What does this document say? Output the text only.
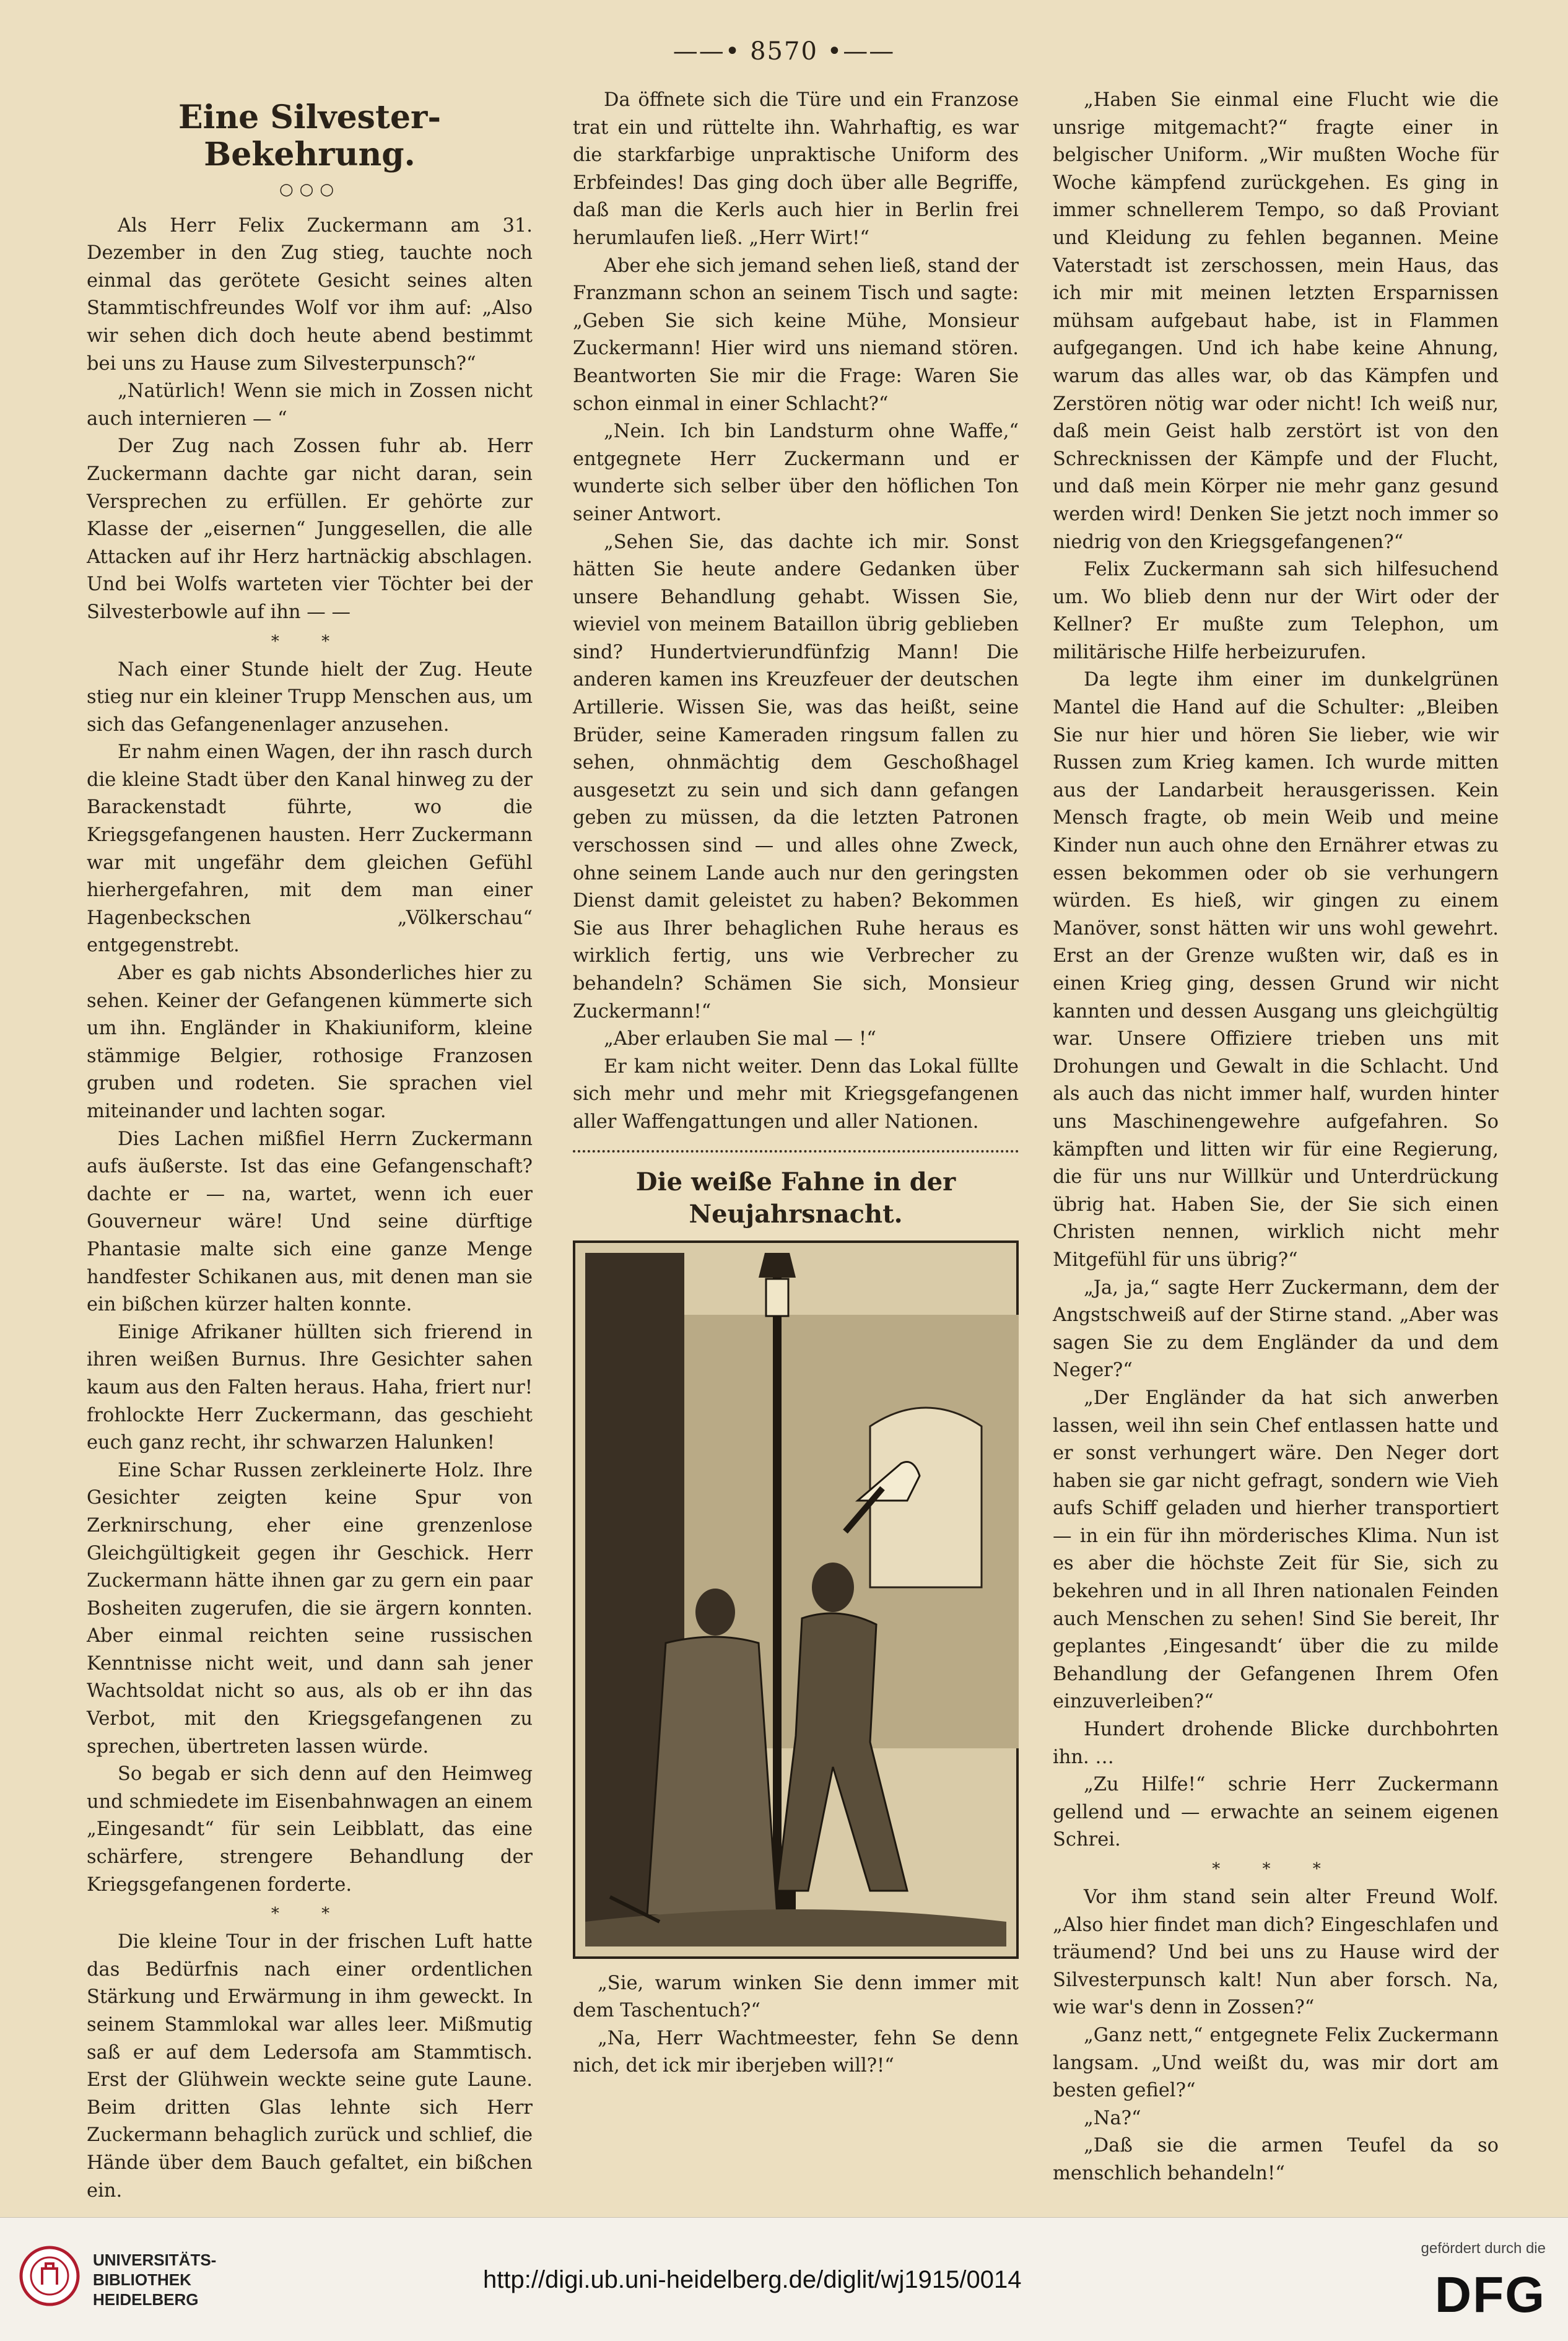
——• 8570 •——
Eine Silvester-Bekehrung.
○○○

Als Herr Felix Zuckermann am 31. Dezember in den Zug stieg, tauchte noch einmal das gerötete Gesicht seines alten Stammtischfreundes Wolf vor ihm auf: „Also wir sehen dich doch heute abend bestimmt bei uns zu Hause zum Silvesterpunsch?“

„Natürlich! Wenn sie mich in Zossen nicht auch internieren — “

Der Zug nach Zossen fuhr ab. Herr Zuckermann dachte gar nicht daran, sein Versprechen zu erfüllen. Er gehörte zur Klasse der „eisernen“ Junggesellen, die alle Attacken auf ihr Herz hartnäckig abschlagen. Und bei Wolfs warteten vier Töchter bei der Silvesterbowle auf ihn — —

* *

Nach einer Stunde hielt der Zug. Heute stieg nur ein kleiner Trupp Menschen aus, um sich das Gefangenenlager anzusehen.

Er nahm einen Wagen, der ihn rasch durch die kleine Stadt über den Kanal hinweg zu der Barackenstadt führte, wo die Kriegsgefangenen hausten. Herr Zuckermann war mit ungefähr dem gleichen Gefühl hierhergefahren, mit dem man einer Hagenbeckschen „Völkerschau“ entgegenstrebt.

Aber es gab nichts Absonderliches hier zu sehen. Keiner der Gefangenen kümmerte sich um ihn. Engländer in Khakiuniform, kleine stämmige Belgier, rothosige Franzosen gruben und rodeten. Sie sprachen viel miteinander und lachten sogar.

Dies Lachen mißfiel Herrn Zuckermann aufs äußerste. Ist das eine Gefangenschaft? dachte er — na, wartet, wenn ich euer Gouverneur wäre! Und seine dürftige Phantasie malte sich eine ganze Menge handfester Schikanen aus, mit denen man sie ein bißchen kürzer halten konnte.

Einige Afrikaner hüllten sich frierend in ihren weißen Burnus. Ihre Gesichter sahen kaum aus den Falten heraus. Haha, friert nur! frohlockte Herr Zuckermann, das geschieht euch ganz recht, ihr schwarzen Halunken!

Eine Schar Russen zerkleinerte Holz. Ihre Gesichter zeigten keine Spur von Zerknirschung, eher eine grenzenlose Gleichgültigkeit gegen ihr Geschick. Herr Zuckermann hätte ihnen gar zu gern ein paar Bosheiten zugerufen, die sie ärgern konnten. Aber einmal reichten seine russischen Kenntnisse nicht weit, und dann sah jener Wachtsoldat nicht so aus, als ob er ihn das Verbot, mit den Kriegsgefangenen zu sprechen, übertreten lassen würde.

So begab er sich denn auf den Heimweg und schmiedete im Eisenbahnwagen an einem „Eingesandt“ für sein Leibblatt, das eine schärfere, strengere Behandlung der Kriegsgefangenen forderte.

* *

Die kleine Tour in der frischen Luft hatte das Bedürfnis nach einer ordentlichen Stärkung und Erwärmung in ihm geweckt. In seinem Stammlokal war alles leer. Mißmutig saß er auf dem Ledersofa am Stammtisch. Erst der Glühwein weckte seine gute Laune. Beim dritten Glas lehnte sich Herr Zuckermann behaglich zurück und schlief, die Hände über dem Bauch gefaltet, ein bißchen ein.

Da öffnete sich die Türe und ein Franzose trat ein und rüttelte ihn. Wahrhaftig, es war die starkfarbige unpraktische Uniform des Erbfeindes! Das ging doch über alle Begriffe, daß man die Kerls auch hier in Berlin frei herumlaufen ließ. „Herr Wirt!“

Aber ehe sich jemand sehen ließ, stand der Franzmann schon an seinem Tisch und sagte: „Geben Sie sich keine Mühe, Monsieur Zuckermann! Hier wird uns niemand stören. Beantworten Sie mir die Frage: Waren Sie schon einmal in einer Schlacht?“

„Nein. Ich bin Landsturm ohne Waffe,“ entgegnete Herr Zuckermann und er wunderte sich selber über den höflichen Ton seiner Antwort.

„Sehen Sie, das dachte ich mir. Sonst hätten Sie heute andere Gedanken über unsere Behandlung gehabt. Wissen Sie, wieviel von meinem Bataillon übrig geblieben sind? Hundertvierundfünfzig Mann! Die anderen kamen ins Kreuzfeuer der deutschen Artillerie. Wissen Sie, was das heißt, seine Brüder, seine Kameraden ringsum fallen zu sehen, ohnmächtig dem Geschoßhagel ausgesetzt zu sein und sich dann gefangen geben zu müssen, da die letzten Patronen verschossen sind — und alles ohne Zweck, ohne seinem Lande auch nur den geringsten Dienst damit geleistet zu haben? Bekommen Sie aus Ihrer behaglichen Ruhe heraus es wirklich fertig, uns wie Verbrecher zu behandeln? Schämen Sie sich, Monsieur Zuckermann!“

„Aber erlauben Sie mal — !“

Er kam nicht weiter. Denn das Lokal füllte sich mehr und mehr mit Kriegsgefangenen aller Waffengattungen und aller Nationen.

Die weiße Fahne in der Neujahrsnacht.

„Sie, warum winken Sie denn immer mit dem Taschentuch?“

„Na, Herr Wachtmeester, fehn Se denn nich, det ick mir iberjeben will?!“

„Haben Sie einmal eine Flucht wie die unsrige mitgemacht?“ fragte einer in belgischer Uniform. „Wir mußten Woche für Woche kämpfend zurückgehen. Es ging in immer schnellerem Tempo, so daß Proviant und Kleidung zu fehlen begannen. Meine Vaterstadt ist zerschossen, mein Haus, das ich mir mit meinen letzten Ersparnissen mühsam aufgebaut habe, ist in Flammen aufgegangen. Und ich habe keine Ahnung, warum das alles war, ob das Kämpfen und Zerstören nötig war oder nicht! Ich weiß nur, daß mein Geist halb zerstört ist von den Schrecknissen der Kämpfe und der Flucht, und daß mein Körper nie mehr ganz gesund werden wird! Denken Sie jetzt noch immer so niedrig von den Kriegsgefangenen?“

Felix Zuckermann sah sich hilfesuchend um. Wo blieb denn nur der Wirt oder der Kellner? Er mußte zum Telephon, um militärische Hilfe herbeizurufen.

Da legte ihm einer im dunkelgrünen Mantel die Hand auf die Schulter: „Bleiben Sie nur hier und hören Sie lieber, wie wir Russen zum Krieg kamen. Ich wurde mitten aus der Landarbeit herausgerissen. Kein Mensch fragte, ob mein Weib und meine Kinder nun auch ohne den Ernährer etwas zu essen bekommen oder ob sie verhungern würden. Es hieß, wir gingen zu einem Manöver, sonst hätten wir uns wohl gewehrt. Erst an der Grenze wußten wir, daß es in einen Krieg ging, dessen Grund wir nicht kannten und dessen Ausgang uns gleichgültig war. Unsere Offiziere trieben uns mit Drohungen und Gewalt in die Schlacht. Und als auch das nicht immer half, wurden hinter uns Maschinengewehre aufgefahren. So kämpften und litten wir für eine Regierung, die für uns nur Willkür und Unterdrückung übrig hat. Haben Sie, der Sie sich einen Christen nennen, wirklich nicht mehr Mitgefühl für uns übrig?“

„Ja, ja,“ sagte Herr Zuckermann, dem der Angstschweiß auf der Stirne stand. „Aber was sagen Sie zu dem Engländer da und dem Neger?“

„Der Engländer da hat sich anwerben lassen, weil ihn sein Chef entlassen hatte und er sonst verhungert wäre. Den Neger dort haben sie gar nicht gefragt, sondern wie Vieh aufs Schiff geladen und hierher transportiert — in ein für ihn mörderisches Klima. Nun ist es aber die höchste Zeit für Sie, sich zu bekehren und in all Ihren nationalen Feinden auch Menschen zu sehen! Sind Sie bereit, Ihr geplantes ‚Eingesandt‘ über die zu milde Behandlung der Gefangenen Ihrem Ofen einzuverleiben?“

Hundert drohende Blicke durchbohrten ihn. …

„Zu Hilfe!“ schrie Herr Zuckermann gellend und — erwachte an seinem eigenen Schrei.

* * *

Vor ihm stand sein alter Freund Wolf. „Also hier findet man dich? Eingeschlafen und träumend? Und bei uns zu Hause wird der Silvesterpunsch kalt! Nun aber forsch. Na, wie war's denn in Zossen?“

„Ganz nett,“ entgegnete Felix Zuckermann langsam. „Und weißt du, was mir dort am besten gefiel?“

„Na?“

„Daß sie die armen Teufel da so menschlich behandeln!“

UNIVERSITÄTS-
BIBLIOTHEK
HEIDELBERG
http://digi.ub.uni-heidelberg.de/diglit/wj1915/0014
gefördert durch die
DFG
